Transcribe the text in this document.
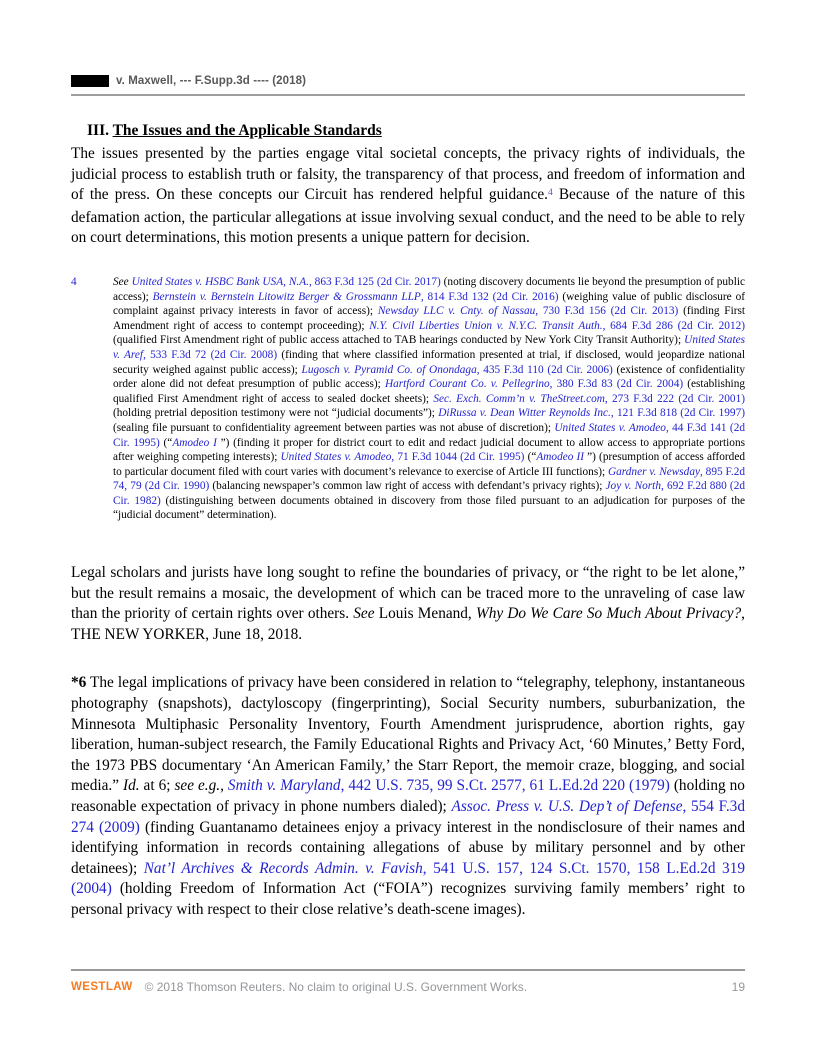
v. Maxwell, --- F.Supp.3d ---- (2018)
III. The Issues and the Applicable Standards

The issues presented by the parties engage vital societal concepts, the privacy rights of individuals, the judicial process to establish truth or falsity, the transparency of that process, and freedom of information and of the press. On these concepts our Circuit has rendered helpful guidance.$^4$ Because of the nature of this defamation action, the particular allegations at issue involving sexual conduct, and the need to be able to rely on court determinations, this motion presents a unique pattern for decision.

4	See United States v. HSBC Bank USA, N.A., 863 F.3d 125 (2d Cir. 2017) (noting discovery documents lie beyond the presumption of public access); Bernstein v. Bernstein Litowitz Berger & Grossmann LLP, 814 F.3d 132 (2d Cir. 2016) (weighing value of public disclosure of complaint against privacy interests in favor of access); Newsday LLC v. Cnty. of Nassau, 730 F.3d 156 (2d Cir. 2013) (finding First Amendment right of access to contempt proceeding); N.Y. Civil Liberties Union v. N.Y.C. Transit Auth., 684 F.3d 286 (2d Cir. 2012) (qualified First Amendment right of public access attached to TAB hearings conducted by New York City Transit Authority); United States v. Aref, 533 F.3d 72 (2d Cir. 2008) (finding that where classified information presented at trial, if disclosed, would jeopardize national security weighed against public access); Lugosch v. Pyramid Co. of Onondaga, 435 F.3d 110 (2d Cir. 2006) (existence of confidentiality order alone did not defeat presumption of public access); Hartford Courant Co. v. Pellegrino, 380 F.3d 83 (2d Cir. 2004) (establishing qualified First Amendment right of access to sealed docket sheets); Sec. Exch. Comm’n v. TheStreet.com, 273 F.3d 222 (2d Cir. 2001) (holding pretrial deposition testimony were not “judicial documents”); DiRussa v. Dean Witter Reynolds Inc., 121 F.3d 818 (2d Cir. 1997) (sealing file pursuant to confidentiality agreement between parties was not abuse of discretion); United States v. Amodeo, 44 F.3d 141 (2d Cir. 1995) (“Amodeo I ”) (finding it proper for district court to edit and redact judicial document to allow access to appropriate portions after weighing competing interests); United States v. Amodeo, 71 F.3d 1044 (2d Cir. 1995) (“Amodeo II ”) (presumption of access afforded to particular document filed with court varies with document’s relevance to exercise of Article III functions); Gardner v. Newsday, 895 F.2d 74, 79 (2d Cir. 1990) (balancing newspaper’s common law right of access with defendant’s privacy rights); Joy v. North, 692 F.2d 880 (2d Cir. 1982) (distinguishing between documents obtained in discovery from those filed pursuant to an adjudication for purposes of the “judicial document” determination).

Legal scholars and jurists have long sought to refine the boundaries of privacy, or “the right to be let alone,” but the result remains a mosaic, the development of which can be traced more to the unraveling of case law than the priority of certain rights over others. See Louis Menand, Why Do We Care So Much About Privacy?, THE NEW YORKER, June 18, 2018.

*6 The legal implications of privacy have been considered in relation to “telegraphy, telephony, instantaneous photography (snapshots), dactyloscopy (fingerprinting), Social Security numbers, suburbanization, the Minnesota Multiphasic Personality Inventory, Fourth Amendment jurisprudence, abortion rights, gay liberation, human-subject research, the Family Educational Rights and Privacy Act, ‘60 Minutes,’ Betty Ford, the 1973 PBS documentary ‘An American Family,’ the Starr Report, the memoir craze, blogging, and social media.” Id. at 6; see e.g., Smith v. Maryland, 442 U.S. 735, 99 S.Ct. 2577, 61 L.Ed.2d 220 (1979) (holding no reasonable expectation of privacy in phone numbers dialed); Assoc. Press v. U.S. Dep’t of Defense, 554 F.3d 274 (2009) (finding Guantanamo detainees enjoy a privacy interest in the nondisclosure of their names and identifying information in records containing allegations of abuse by military personnel and by other detainees); Nat’l Archives & Records Admin. v. Favish, 541 U.S. 157, 124 S.Ct. 1570, 158 L.Ed.2d 319 (2004) (holding Freedom of Information Act (“FOIA”) recognizes surviving family members’ right to personal privacy with respect to their close relative’s death-scene images).

WESTLAW © 2018 Thomson Reuters. No claim to original U.S. Government Works.	19
